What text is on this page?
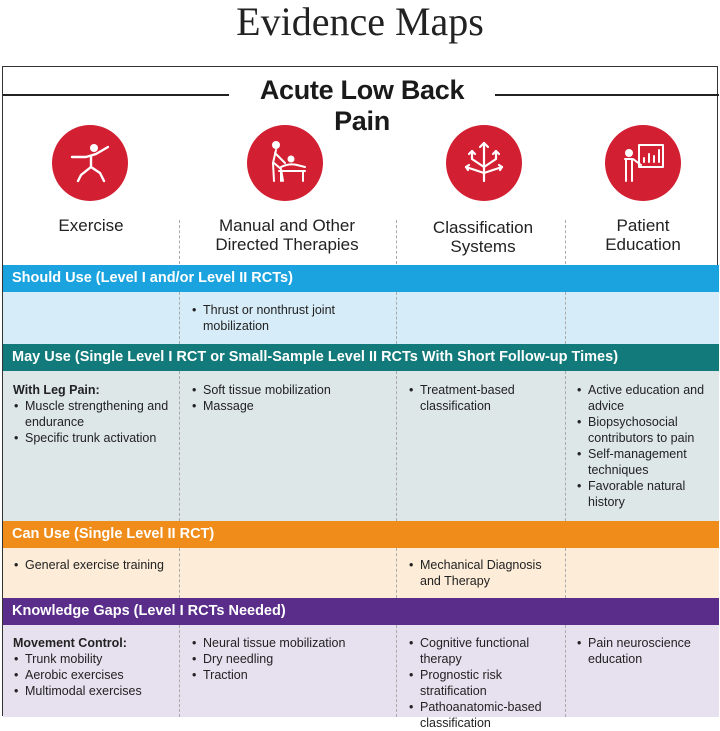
Evidence Maps
Acute Low Back Pain
Exercise	Manual and Other Directed Therapies
Classification Systems
Patient Education
Should Use (Level I and/or Level II RCTs)
• Thrust or nonthrust joint mobilization
May Use (Single Level I RCT or Small-Sample Level II RCTs With Short Follow-up Times)
With Leg Pain:
• Muscle strengthening and endurance
• Specific trunk activation
• Soft tissue mobilization
• Massage
• Treatment-based classification
• Active education and advice
• Biopsychosocial contributors to pain
• Self-management techniques
• Favorable natural history
Can Use (Single Level II RCT)
• General exercise training
•	Mechanical Diagnosis and Therapy
Knowledge Gaps (Level I RCTs Needed)
Movement Control:
• Trunk mobility
• Aerobic exercises
• Multimodal exercises
• Neural tissue mobilization
• Dry needling
• Traction
• Cognitive functional therapy
• Prognostic risk stratification
• Pathoanatomic-based classification
• Pain neuroscience education
